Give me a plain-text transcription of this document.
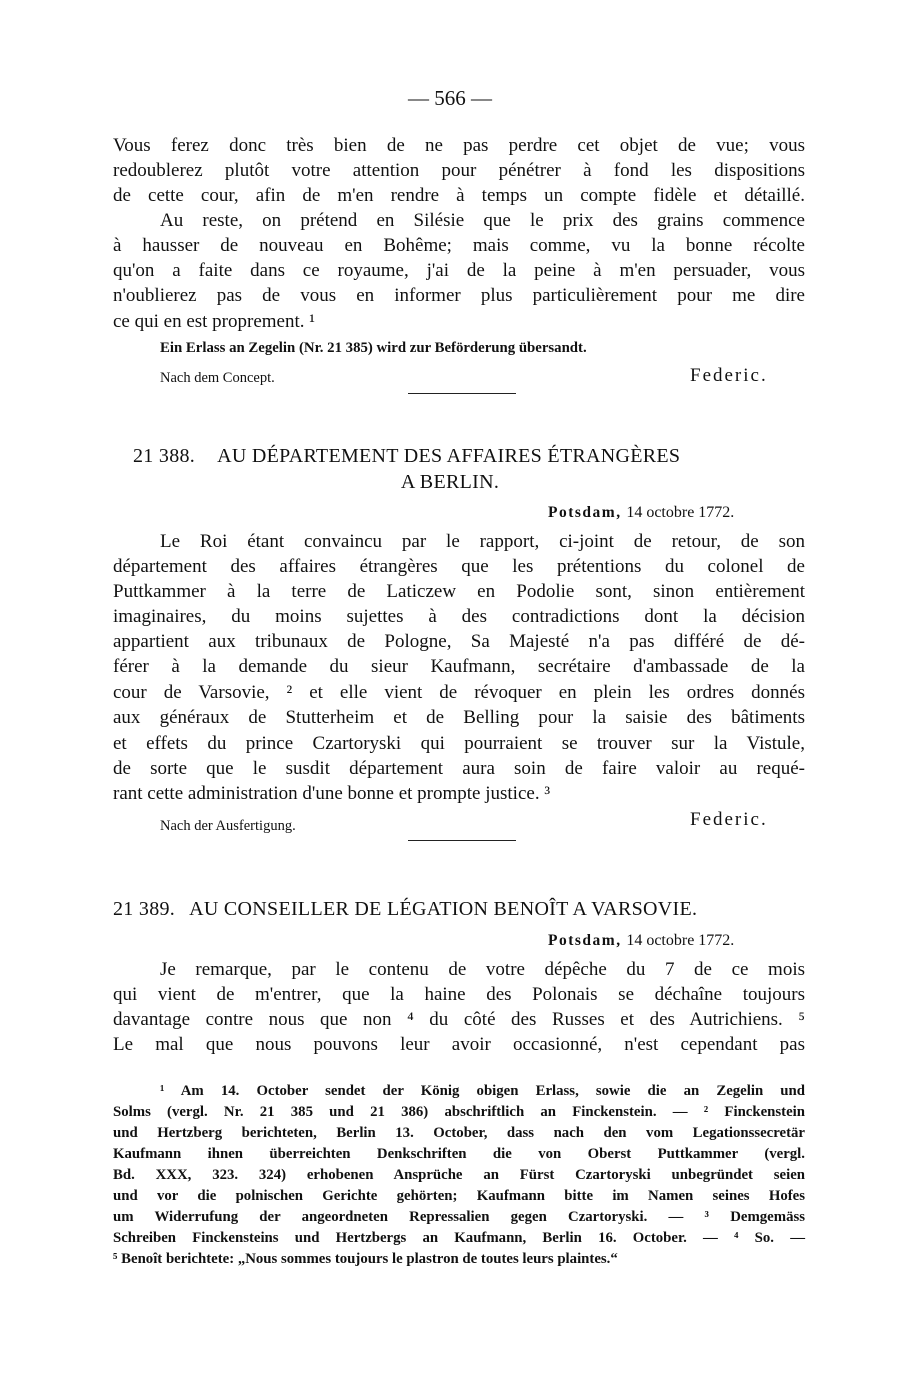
— 566 —
Vous ferez donc très bien de ne pas perdre cet objet de vue; vous
redoublerez plutôt votre attention pour pénétrer à fond les dispositions
de cette cour, afin de m'en rendre à temps un compte fidèle et détaillé.
Au reste, on prétend en Silésie que le prix des grains commence
à hausser de nouveau en Bohême; mais comme, vu la bonne récolte
qu'on a faite dans ce royaume, j'ai de la peine à m'en persuader, vous
n'oublierez pas de vous en informer plus particulièrement pour me dire
ce qui en est proprement. ¹
Ein Erlass an Zegelin (Nr. 21 385) wird zur Beförderung übersandt.
Nach dem Concept.	Federic.
21 388. AU DÉPARTEMENT DES AFFAIRES ÉTRANGÈRES
A BERLIN.
Potsdam, 14 octobre 1772.
Le Roi étant convaincu par le rapport, ci-joint de retour, de son
département des affaires étrangères que les prétentions du colonel de
Puttkammer à la terre de Laticzew en Podolie sont, sinon entièrement
imaginaires, du moins sujettes à des contradictions dont la décision
appartient aux tribunaux de Pologne, Sa Majesté n'a pas différé de dé-
férer à la demande du sieur Kaufmann, secrétaire d'ambassade de la
cour de Varsovie, ² et elle vient de révoquer en plein les ordres donnés
aux généraux de Stutterheim et de Belling pour la saisie des bâtiments
et effets du prince Czartoryski qui pourraient se trouver sur la Vistule,
de sorte que le susdit département aura soin de faire valoir au requé-
rant cette administration d'une bonne et prompte justice. ³
Nach der Ausfertigung.	Federic.
21 389. AU CONSEILLER DE LÉGATION BENOÎT A VARSOVIE.
Potsdam, 14 octobre 1772.
Je remarque, par le contenu de votre dépêche du 7 de ce mois
qui vient de m'entrer, que la haine des Polonais se déchaîne toujours
davantage contre nous que non ⁴ du côté des Russes et des Autrichiens. ⁵
Le mal que nous pouvons leur avoir occasionné, n'est cependant pas
¹ Am 14. October sendet der König obigen Erlass, sowie die an Zegelin und
Solms (vergl. Nr. 21 385 und 21 386) abschriftlich an Finckenstein. — ² Finckenstein
und Hertzberg berichteten, Berlin 13. October, dass nach den vom Legationssecretär
Kaufmann ihnen überreichten Denkschriften die von Oberst Puttkammer (vergl.
Bd. XXX, 323. 324) erhobenen Ansprüche an Fürst Czartoryski unbegründet seien
und vor die polnischen Gerichte gehörten; Kaufmann bitte im Namen seines Hofes
um Widerrufung der angeordneten Repressalien gegen Czartoryski. — ³ Demgemäss
Schreiben Finckensteins und Hertzbergs an Kaufmann, Berlin 16. October. — ⁴ So. —
⁵ Benoît berichtete: „Nous sommes toujours le plastron de toutes leurs plaintes.“
